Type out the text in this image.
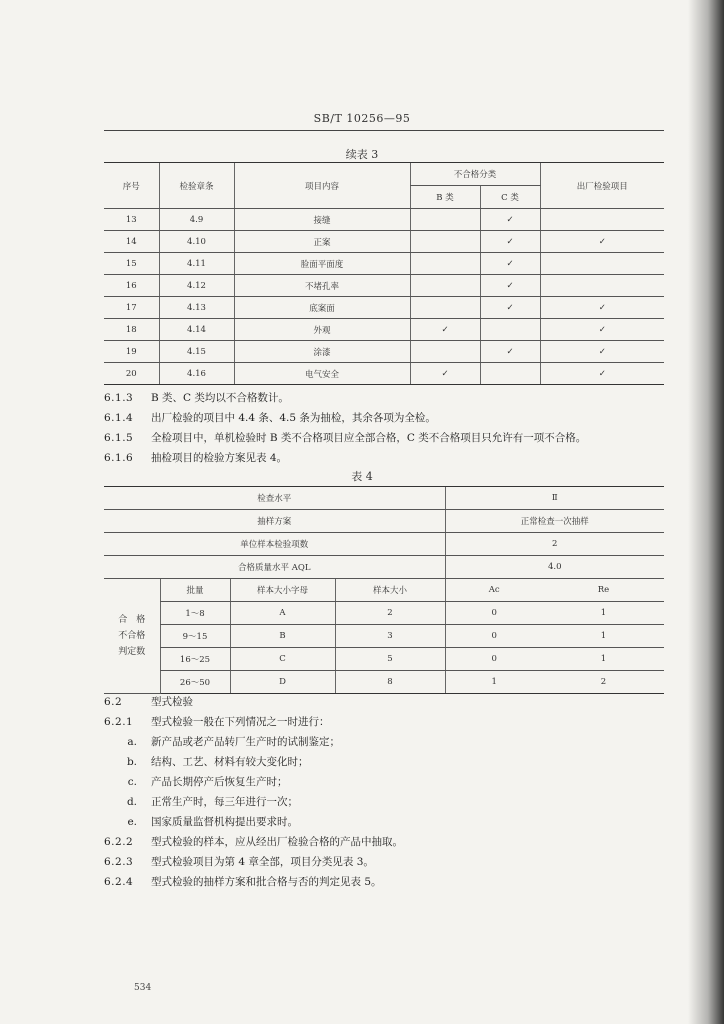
SB/T 10256—95
续表 3
序号	检验章条	项目内容	不合格分类		出厂检验项目
			B 类	C 类	
13	4.9	接缝		✓	
14	4.10	正案		✓	✓
15	4.11	脸面平面度		✓	
16	4.12	不堵孔率		✓	
17	4.13	底案面		✓	✓
18	4.14	外观	✓		✓
19	4.15	涂漆		✓	✓
20	4.16	电气安全	✓		✓
6.1.3 B 类、C 类均以不合格数计。
6.1.4 出厂检验的项目中 4.4 条、4.5 条为抽检，其余各项为全检。
6.1.5 全检项目中，单机检验时 B 类不合格项目应全部合格，C 类不合格项目只允许有一项不合格。
6.1.6 抽检项目的检验方案见表 4。
表 4
检查水平				Ⅱ	
抽样方案				正常检查一次抽样	
单位样本检验项数				2	
合格质量水平 AQL				4.0	

合　格
不合格
判定数	批量	样本大小字母	样本大小	Ac	Re
	1～8	A	2	0	1
	9～15	B	3	0	1
	16～25	C	5	0	1
	26～50	D	8	1	2
6.2	型式检验
6.2.1 型式检验一般在下列情况之一时进行：
a. 新产品或老产品转厂生产时的试制鉴定；
b. 结构、工艺、材料有较大变化时；
c. 产品长期停产后恢复生产时；
d. 正常生产时，每三年进行一次；
e. 国家质量监督机构提出要求时。
6.2.2 型式检验的样本，应从经出厂检验合格的产品中抽取。
6.2.3 型式检验项目为第 4 章全部，项目分类见表 3。
6.2.4 型式检验的抽样方案和批合格与否的判定见表 5。
534
